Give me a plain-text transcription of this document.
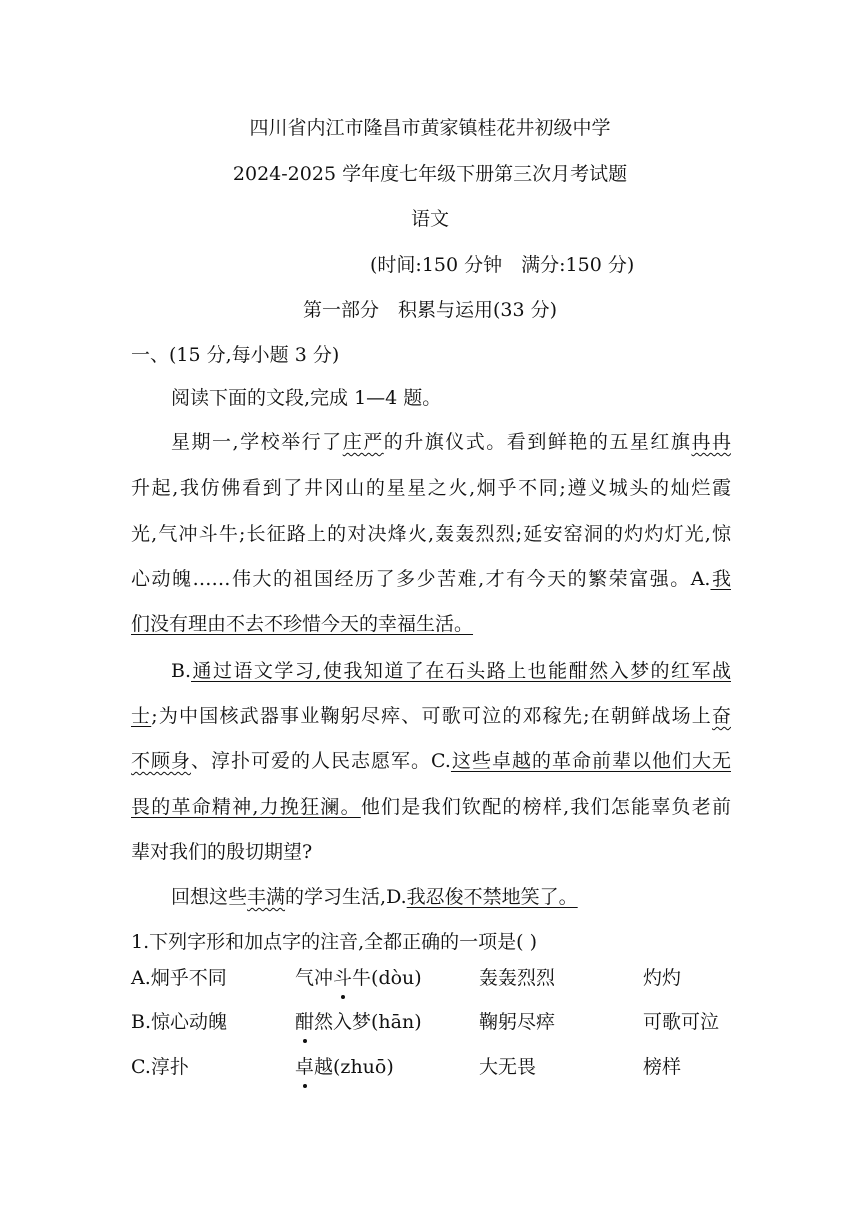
四川省内江市隆昌市黄家镇桂花井初级中学
2024-2025 学年度七年级下册第三次月考试题
语文
(时间:150 分钟　满分:150 分)
第一部分　积累与运用(33 分)
一、(15 分,每小题 3 分)
阅读下面的文段,完成 1—4 题。
星期一,学校举行了庄严的升旗仪式。看到鲜艳的五星红旗冉冉
升起,我仿佛看到了井冈山的星星之火,炯乎不同;遵义城头的灿烂霞
光,气冲斗牛;长征路上的对决烽火,轰轰烈烈;延安窑洞的灼灼灯光,惊
心动魄……伟大的祖国经历了多少苦难,才有今天的繁荣富强。A.我
们没有理由不去不珍惜今天的幸福生活。
B.通过语文学习,使我知道了在石头路上也能酣然入梦的红军战
士;为中国核武器事业鞠躬尽瘁、可歌可泣的邓稼先;在朝鲜战场上奋
不顾身、淳扑可爱的人民志愿军。C.这些卓越的革命前辈以他们大无
畏的革命精神,力挽狂澜。他们是我们钦配的榜样,我们怎能辜负老前
辈对我们的殷切期望?
回想这些丰满的学习生活,D.我忍俊不禁地笑了。
1.下列字形和加点字的注音,全都正确的一项是( )
A.炯乎不同	气冲斗牛(dòu)	轰轰烈烈	灼灼
B.惊心动魄	酣然入梦(hān)	鞠躬尽瘁	可歌可泣
C.淳扑	卓越(zhuō)	大无畏	榜样
